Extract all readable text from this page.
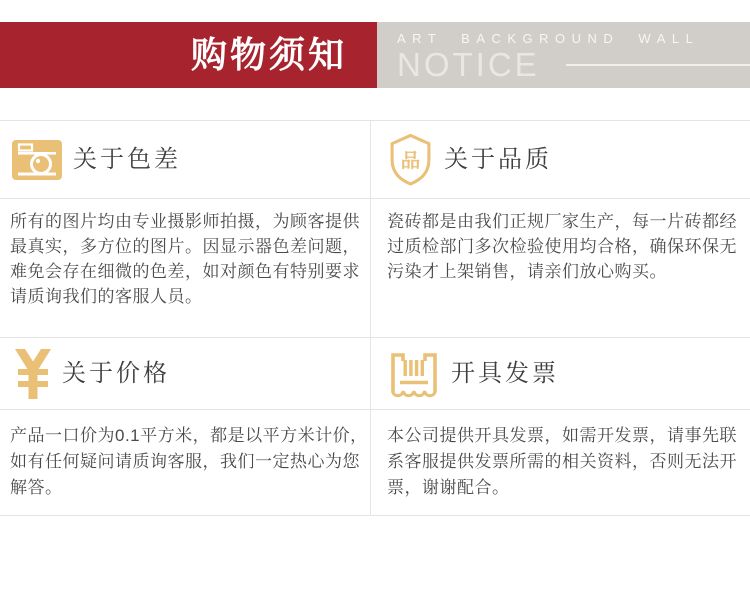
购物须知	ART BACKGROUND WALL
NOTICE
关于色差

所有的图片均由专业摄影师拍摄，为顾客提供最真实，多方位的图片。因显示器色差问题，难免会存在细微的色差，如对颜色有特别要求请质询我们的客服人员。

关于价格

产品一口价为0.1平方米，都是以平方米计价，如有任何疑问请质询客服，我们一定热心为您解答。

品 关于品质

瓷砖都是由我们正规厂家生产，每一片砖都经过质检部门多次检验使用均合格，确保环保无污染才上架销售，请亲们放心购买。

开具发票

本公司提供开具发票，如需开发票，请事先联系客服提供发票所需的相关资料，否则无法开票，谢谢配合。
